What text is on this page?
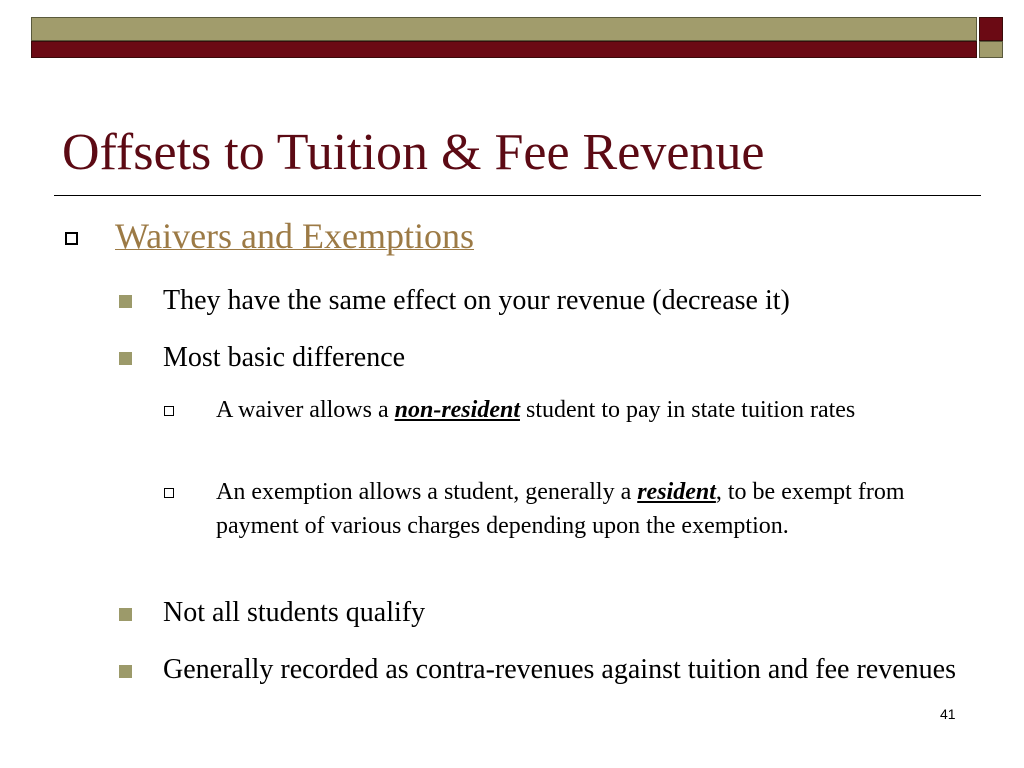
Offsets to Tuition & Fee Revenue
Waivers and Exemptions
They have the same effect on your revenue (decrease it)
Most basic difference
A waiver allows a non-resident student to pay in state tuition rates
An exemption allows a student, generally a resident, to be exempt from payment of various charges depending upon the exemption.
Not all students qualify
Generally recorded as contra-revenues against tuition and fee revenues
41
